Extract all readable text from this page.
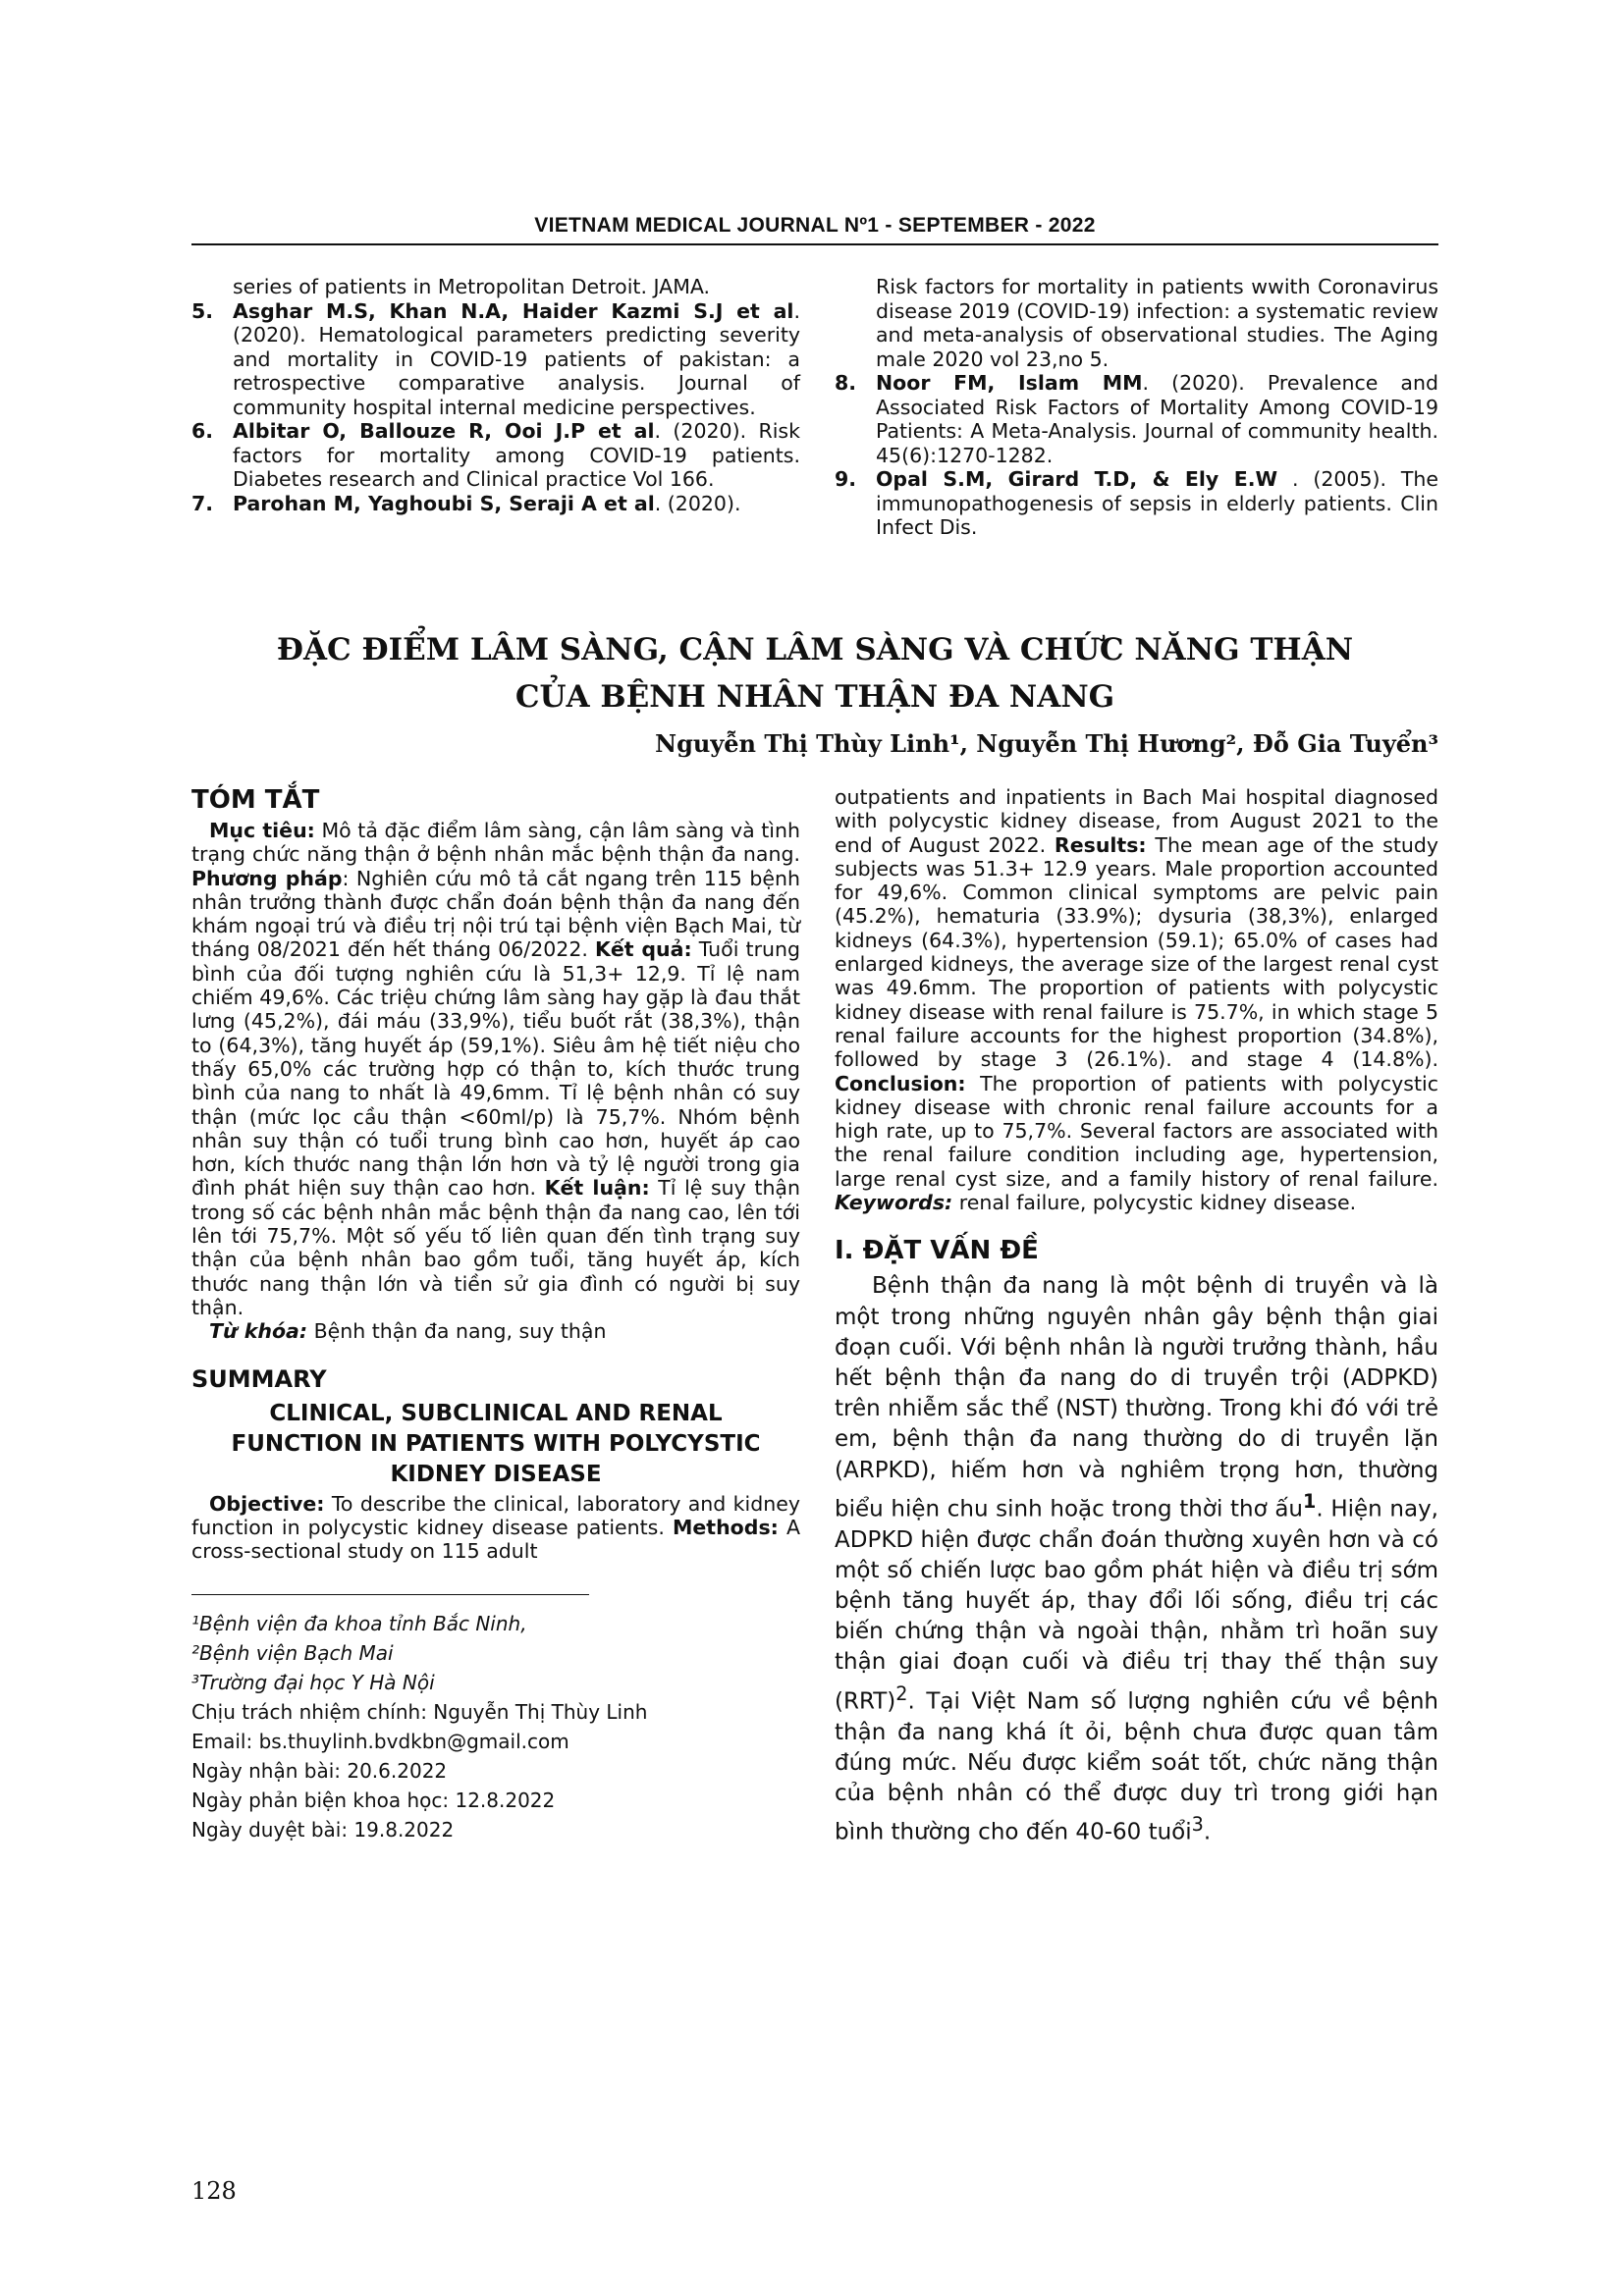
VIETNAM MEDICAL JOURNAL Nº1 - SEPTEMBER - 2022
series of patients in Metropolitan Detroit. JAMA.
5. Asghar M.S, Khan N.A, Haider Kazmi S.J et al. (2020). Hematological parameters predicting severity and mortality in COVID-19 patients of pakistan: a retrospective comparative analysis. Journal of community hospital internal medicine perspectives.
6. Albitar O, Ballouze R, Ooi J.P et al. (2020). Risk factors for mortality among COVID-19 patients. Diabetes research and Clinical practice Vol 166.
7. Parohan M, Yaghoubi S, Seraji A et al. (2020).
Risk factors for mortality in patients wwith Coronavirus disease 2019 (COVID-19) infection: a systematic review and meta-analysis of observational studies. The Aging male 2020 vol 23,no 5.
8. Noor FM, Islam MM. (2020). Prevalence and Associated Risk Factors of Mortality Among COVID-19 Patients: A Meta-Analysis. Journal of community health. 45(6):1270-1282.
9. Opal S.M, Girard T.D, & Ely E.W . (2005). The immunopathogenesis of sepsis in elderly patients. Clin Infect Dis.
ĐẶC ĐIỂM LÂM SÀNG, CẬN LÂM SÀNG VÀ CHỨC NĂNG THẬN
CỦA BỆNH NHÂN THẬN ĐA NANG
Nguyễn Thị Thùy Linh¹, Nguyễn Thị Hương², Đỗ Gia Tuyển³
TÓM TẮT

Mục tiêu: Mô tả đặc điểm lâm sàng, cận lâm sàng và tình trạng chức năng thận ở bệnh nhân mắc bệnh thận đa nang. Phương pháp: Nghiên cứu mô tả cắt ngang trên 115 bệnh nhân trưởng thành được chẩn đoán bệnh thận đa nang đến khám ngoại trú và điều trị nội trú tại bệnh viện Bạch Mai, từ tháng 08/2021 đến hết tháng 06/2022. Kết quả: Tuổi trung bình của đối tượng nghiên cứu là 51,3+ 12,9. Tỉ lệ nam chiếm 49,6%. Các triệu chứng lâm sàng hay gặp là đau thắt lưng (45,2%), đái máu (33,9%), tiểu buốt rắt (38,3%), thận to (64,3%), tăng huyết áp (59,1%). Siêu âm hệ tiết niệu cho thấy 65,0% các trường hợp có thận to, kích thước trung bình của nang to nhất là 49,6mm. Tỉ lệ bệnh nhân có suy thận (mức lọc cầu thận <60ml/p) là 75,7%. Nhóm bệnh nhân suy thận có tuổi trung bình cao hơn, huyết áp cao hơn, kích thước nang thận lớn hơn và tỷ lệ người trong gia đình phát hiện suy thận cao hơn. Kết luận: Tỉ lệ suy thận trong số các bệnh nhân mắc bệnh thận đa nang cao, lên tới lên tới 75,7%. Một số yếu tố liên quan đến tình trạng suy thận của bệnh nhân bao gồm tuổi, tăng huyết áp, kích thước nang thận lớn và tiền sử gia đình có người bị suy thận.

Từ khóa: Bệnh thận đa nang, suy thận

SUMMARY
CLINICAL, SUBCLINICAL AND RENAL FUNCTION IN PATIENTS WITH POLYCYSTIC KIDNEY DISEASE

Objective: To describe the clinical, laboratory and kidney function in polycystic kidney disease patients. Methods: A cross-sectional study on 115 adult

¹Bệnh viện đa khoa tỉnh Bắc Ninh,
²Bệnh viện Bạch Mai
³Trường đại học Y Hà Nội
Chịu trách nhiệm chính: Nguyễn Thị Thùy Linh
Email: bs.thuylinh.bvdkbn@gmail.com
Ngày nhận bài: 20.6.2022
Ngày phản biện khoa học: 12.8.2022
Ngày duyệt bài: 19.8.2022

outpatients and inpatients in Bach Mai hospital diagnosed with polycystic kidney disease, from August 2021 to the end of August 2022. Results: The mean age of the study subjects was 51.3+ 12.9 years. Male proportion accounted for 49,6%. Common clinical symptoms are pelvic pain (45.2%), hematuria (33.9%); dysuria (38,3%), enlarged kidneys (64.3%), hypertension (59.1); 65.0% of cases had enlarged kidneys, the average size of the largest renal cyst was 49.6mm. The proportion of patients with polycystic kidney disease with renal failure is 75.7%, in which stage 5 renal failure accounts for the highest proportion (34.8%), followed by stage 3 (26.1%). and stage 4 (14.8%). Conclusion: The proportion of patients with polycystic kidney disease with chronic renal failure accounts for a high rate, up to 75,7%. Several factors are associated with the renal failure condition including age, hypertension, large renal cyst size, and a family history of renal failure. Keywords: renal failure, polycystic kidney disease.

I. ĐẶT VẤN ĐỀ

Bệnh thận đa nang là một bệnh di truyền và là một trong những nguyên nhân gây bệnh thận giai đoạn cuối. Với bệnh nhân là người trưởng thành, hầu hết bệnh thận đa nang do di truyền trội (ADPKD) trên nhiễm sắc thể (NST) thường. Trong khi đó với trẻ em, bệnh thận đa nang thường do di truyền lặn (ARPKD), hiếm hơn và nghiêm trọng hơn, thường biểu hiện chu sinh hoặc trong thời thơ ấu$^1$. Hiện nay, ADPKD hiện được chẩn đoán thường xuyên hơn và có một số chiến lược bao gồm phát hiện và điều trị sớm bệnh tăng huyết áp, thay đổi lối sống, điều trị các biến chứng thận và ngoài thận, nhằm trì hoãn suy thận giai đoạn cuối và điều trị thay thế thận suy (RRT)$^2$. Tại Việt Nam số lượng nghiên cứu về bệnh thận đa nang khá ít ỏi, bệnh chưa được quan tâm đúng mức. Nếu được kiểm soát tốt, chức năng thận của bệnh nhân có thể được duy trì trong giới hạn bình thường cho đến 40-60 tuổi$^3$.

128
